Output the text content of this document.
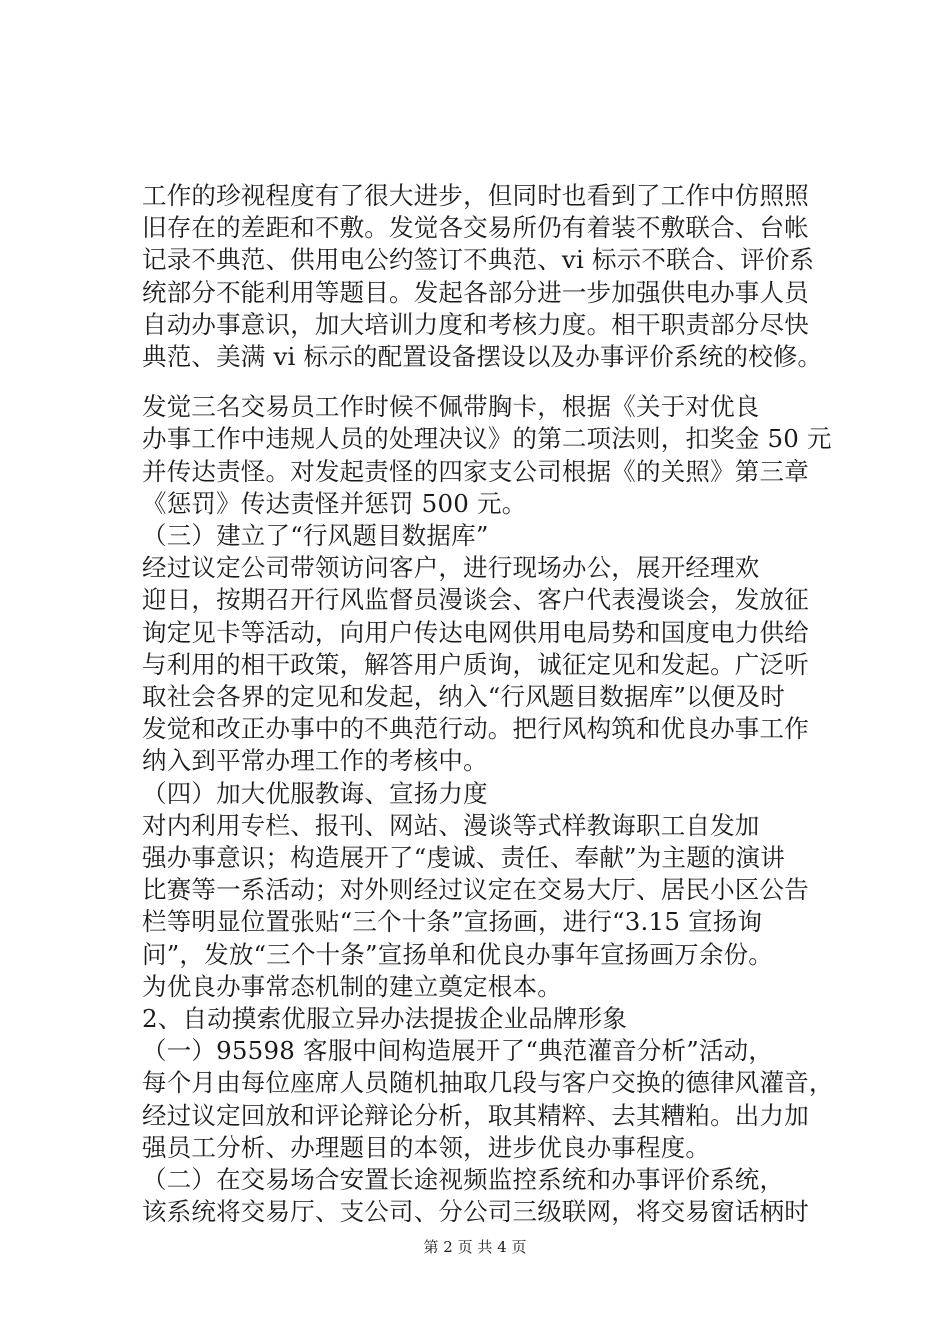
工作的珍视程度有了很大进步，但同时也看到了工作中仿照照
旧存在的差距和不敷。发觉各交易所仍有着装不敷联合、台帐
记录不典范、供用电公约签订不典范、vi 标示不联合、评价系
统部分不能利用等题目。发起各部分进一步加强供电办事人员
自动办事意识，加大培训力度和考核力度。相干职责部分尽快
典范、美满 vi 标示的配置设备摆设以及办事评价系统的校修。
发觉三名交易员工作时候不佩带胸卡，根据《关于对优良
办事工作中违规人员的处理决议》的第二项法则，扣奖金 50 元
并传达责怪。对发起责怪的四家支公司根据《的关照》第三章
《惩罚》传达责怪并惩罚 500 元。
（三）建立了“行风题目数据库”
经过议定公司带领访问客户，进行现场办公，展开经理欢
迎日，按期召开行风监督员漫谈会、客户代表漫谈会，发放征
询定见卡等活动，向用户传达电网供用电局势和国度电力供给
与利用的相干政策，解答用户质询，诚征定见和发起。广泛听
取社会各界的定见和发起，纳入“行风题目数据库”以便及时
发觉和改正办事中的不典范行动。把行风构筑和优良办事工作
纳入到平常办理工作的考核中。
（四）加大优服教诲、宣扬力度
对内利用专栏、报刊、网站、漫谈等式样教诲职工自发加
强办事意识；构造展开了“虔诚、责任、奉献”为主题的演讲
比赛等一系活动；对外则经过议定在交易大厅、居民小区公告
栏等明显位置张贴“三个十条”宣扬画，进行“3.15 宣扬询
问”，发放“三个十条”宣扬单和优良办事年宣扬画万余份。
为优良办事常态机制的建立奠定根本。
2、自动摸索优服立异办法提拔企业品牌形象
（一）95598 客服中间构造展开了“典范灌音分析”活动，
每个月由每位座席人员随机抽取几段与客户交换的德律风灌音，
经过议定回放和评论辩论分析，取其精粹、去其糟粕。出力加
强员工分析、办理题目的本领，进步优良办事程度。
（二）在交易场合安置长途视频监控系统和办事评价系统，
该系统将交易厅、支公司、分公司三级联网，将交易窗话柄时
第 2 页 共 4 页
